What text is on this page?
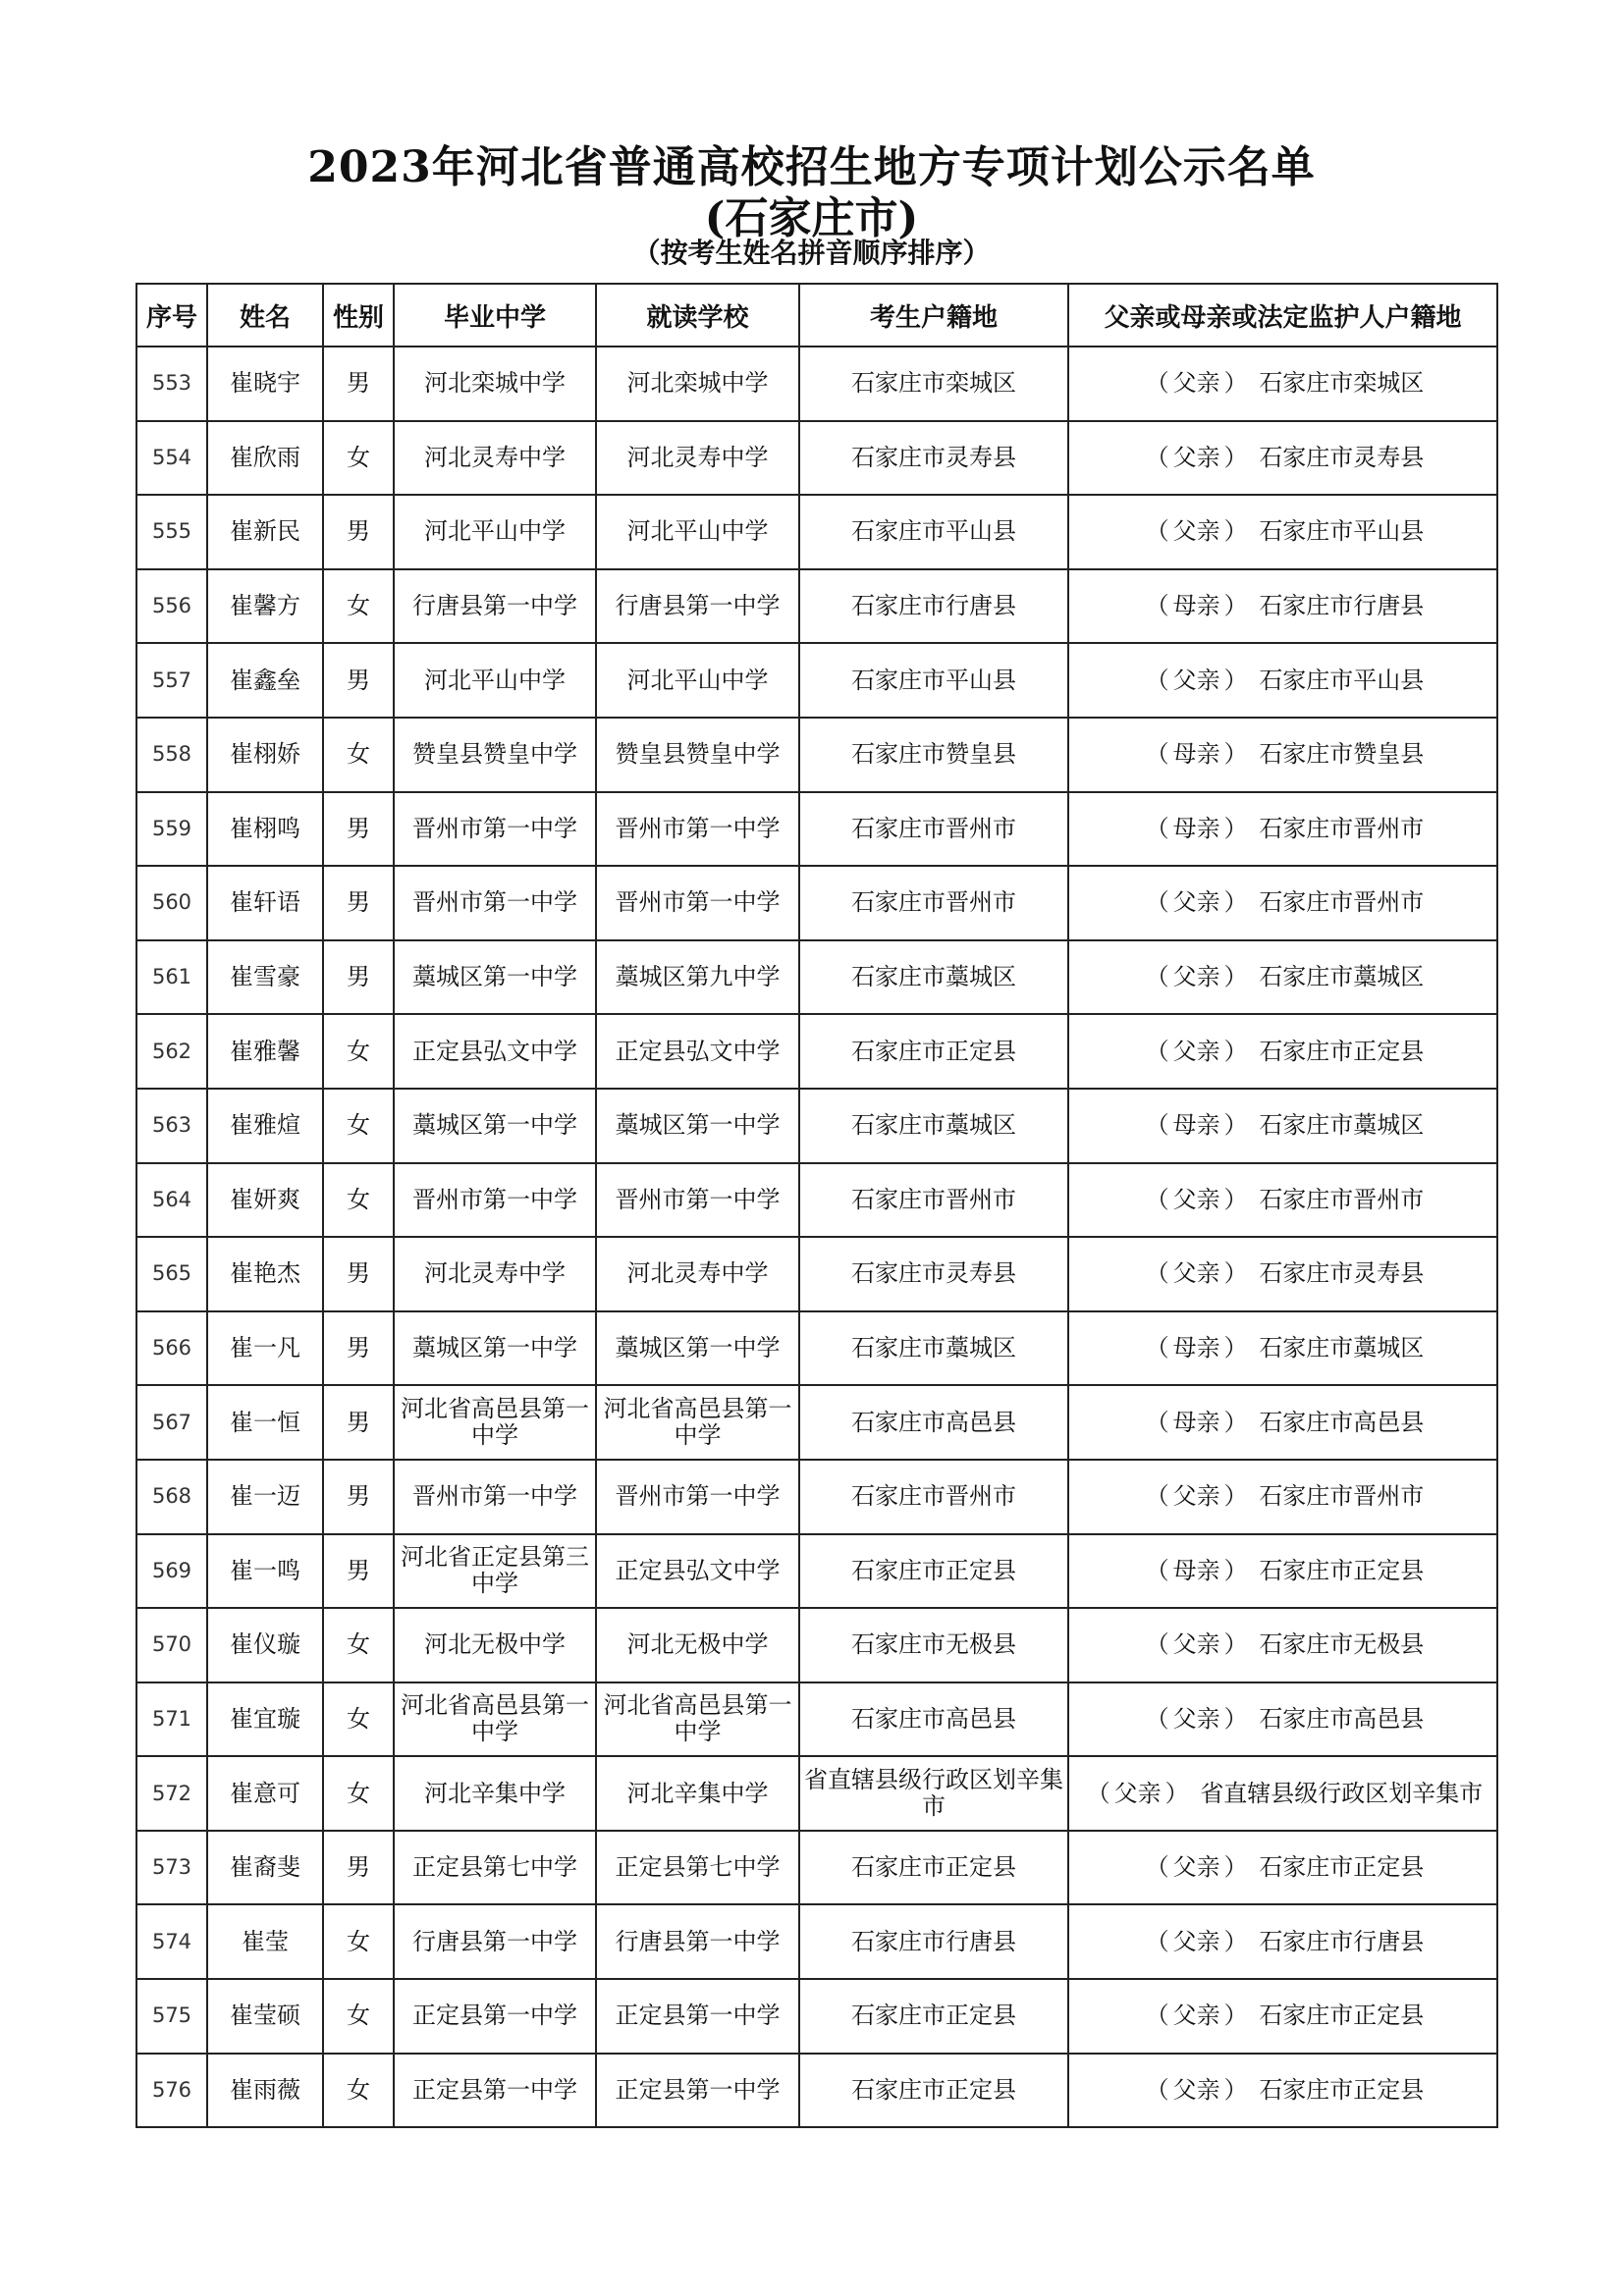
2023年河北省普通高校招生地方专项计划公示名单
(石家庄市)
（按考生姓名拼音顺序排序）
序号	姓名	性别	毕业中学	就读学校	考生户籍地	父亲或母亲或法定监护人户籍地
553	崔晓宇	男	河北栾城中学	河北栾城中学	石家庄市栾城区	（ 父亲 ） 石家庄市栾城区
554	崔欣雨	女	河北灵寿中学	河北灵寿中学	石家庄市灵寿县	（ 父亲 ） 石家庄市灵寿县
555	崔新民	男	河北平山中学	河北平山中学	石家庄市平山县	（ 父亲 ） 石家庄市平山县
556	崔馨方	女	行唐县第一中学	行唐县第一中学	石家庄市行唐县	（ 母亲 ） 石家庄市行唐县
557	崔鑫垒	男	河北平山中学	河北平山中学	石家庄市平山县	（ 父亲 ） 石家庄市平山县
558	崔栩娇	女	赞皇县赞皇中学	赞皇县赞皇中学	石家庄市赞皇县	（ 母亲 ） 石家庄市赞皇县
559	崔栩鸣	男	晋州市第一中学	晋州市第一中学	石家庄市晋州市	（ 母亲 ） 石家庄市晋州市
560	崔轩语	男	晋州市第一中学	晋州市第一中学	石家庄市晋州市	（ 父亲 ） 石家庄市晋州市
561	崔雪豪	男	藁城区第一中学	藁城区第九中学	石家庄市藁城区	（ 父亲 ） 石家庄市藁城区
562	崔雅馨	女	正定县弘文中学	正定县弘文中学	石家庄市正定县	（ 父亲 ） 石家庄市正定县
563	崔雅煊	女	藁城区第一中学	藁城区第一中学	石家庄市藁城区	（ 母亲 ） 石家庄市藁城区
564	崔妍爽	女	晋州市第一中学	晋州市第一中学	石家庄市晋州市	（ 父亲 ） 石家庄市晋州市
565	崔艳杰	男	河北灵寿中学	河北灵寿中学	石家庄市灵寿县	（ 父亲 ） 石家庄市灵寿县
566	崔一凡	男	藁城区第一中学	藁城区第一中学	石家庄市藁城区	（ 母亲 ） 石家庄市藁城区
567	崔一恒	男	河北省高邑县第一中学	河北省高邑县第一中学	石家庄市高邑县	（ 母亲 ） 石家庄市高邑县
568	崔一迈	男	晋州市第一中学	晋州市第一中学	石家庄市晋州市	（ 父亲 ） 石家庄市晋州市
569	崔一鸣	男	河北省正定县第三中学	正定县弘文中学	石家庄市正定县	（ 母亲 ） 石家庄市正定县
570	崔仪璇	女	河北无极中学	河北无极中学	石家庄市无极县	（ 父亲 ） 石家庄市无极县
571	崔宜璇	女	河北省高邑县第一中学	河北省高邑县第一中学	石家庄市高邑县	（ 父亲 ） 石家庄市高邑县
572	崔意可	女	河北辛集中学	河北辛集中学	省直辖县级行政区划辛集市	（ 父亲 ） 省直辖县级行政区划辛集市
573	崔裔斐	男	正定县第七中学	正定县第七中学	石家庄市正定县	（ 父亲 ） 石家庄市正定县
574	崔莹	女	行唐县第一中学	行唐县第一中学	石家庄市行唐县	（ 父亲 ） 石家庄市行唐县
575	崔莹硕	女	正定县第一中学	正定县第一中学	石家庄市正定县	（ 父亲 ） 石家庄市正定县
576	崔雨薇	女	正定县第一中学	正定县第一中学	石家庄市正定县	（ 父亲 ） 石家庄市正定县
